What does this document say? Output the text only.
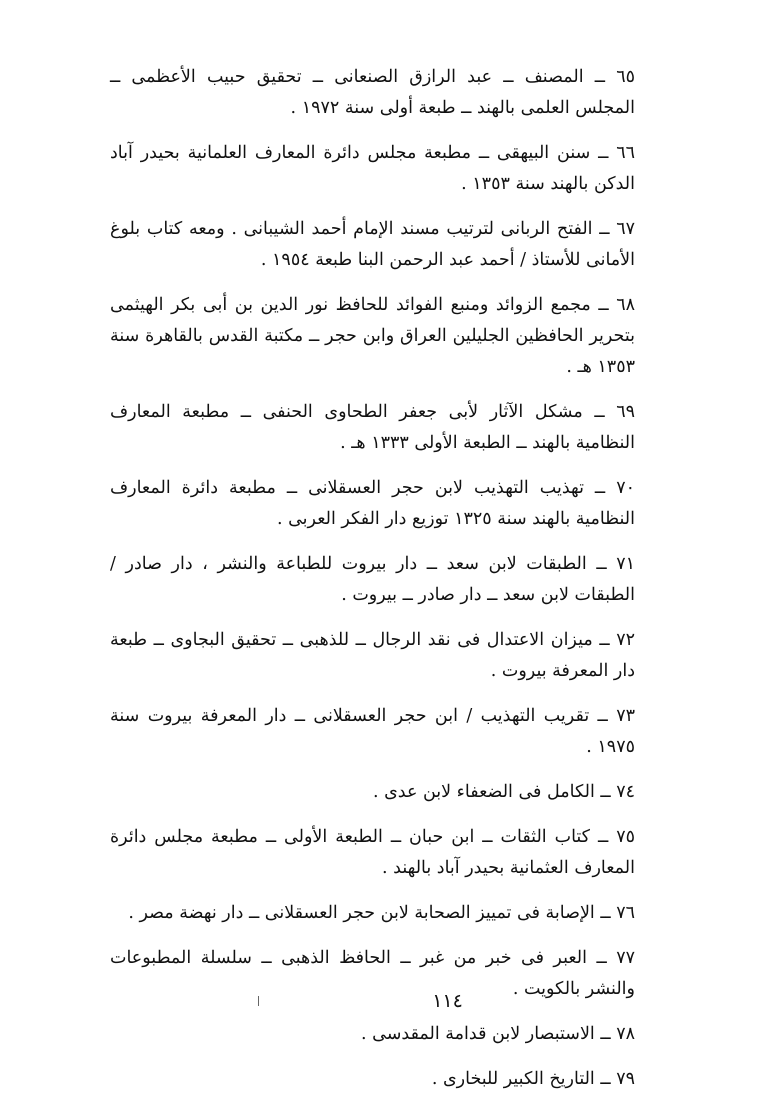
٦٥ ــ المصنف ــ عبد الرازق الصنعانى ــ تحقيق حبيب الأعظمى ــ المجلس العلمى بالهند ــ طبعة أولى سنة ١٩٧٢ .

٦٦ ــ سنن البيهقى ــ مطبعة مجلس دائرة المعارف العلمانية بحيدر آباد الدكن بالهند سنة ١٣٥٣ .

٦٧ ــ الفتح الربانى لترتيب مسند الإمام أحمد الشيبانى . ومعه كتاب بلوغ الأمانى للأستاذ / أحمد عبد الرحمن البنا طبعة ١٩٥٤ .

٦٨ ــ مجمع الزوائد ومنبع الفوائد للحافظ نور الدين بن أبى بكر الهيثمى بتحرير الحافظين الجليلين العراق وابن حجر ــ مكتبة القدس بالقاهرة سنة ١٣٥٣ هـ .

٦٩ ــ مشكل الآثار لأبى جعفر الطحاوى الحنفى ــ مطبعة المعارف النظامية بالهند ــ الطبعة الأولى ١٣٣٣ هـ .

٧٠ ــ تهذيب التهذيب لابن حجر العسقلانى ــ مطبعة دائرة المعارف النظامية بالهند سنة ١٣٢٥ توزيع دار الفكر العربى .

٧١ ــ الطبقات لابن سعد ــ دار بيروت للطباعة والنشر ، دار صادر / الطبقات لابن سعد ــ دار صادر ــ بيروت .

٧٢ ــ ميزان الاعتدال فى نقد الرجال ــ للذهبى ــ تحقيق البجاوى ــ طبعة دار المعرفة بيروت .

٧٣ ــ تقريب التهذيب / ابن حجر العسقلانى ــ دار المعرفة بيروت سنة ١٩٧٥ .

٧٤ ــ الكامل فى الضعفاء لابن عدى .

٧٥ ــ كتاب الثقات ــ ابن حبان ــ الطبعة الأولى ــ مطبعة مجلس دائرة المعارف العثمانية بحيدر آباد بالهند .

٧٦ ــ الإصابة فى تمييز الصحابة لابن حجر العسقلانى ــ دار نهضة مصر .

٧٧ ــ العبر فى خبر من غبر ــ الحافظ الذهبى ــ سلسلة المطبوعات والنشر بالكويت .

٧٨ ــ الاستبصار لابن قدامة المقدسى .

٧٩ ــ التاريخ الكبير للبخارى .

١١٤
